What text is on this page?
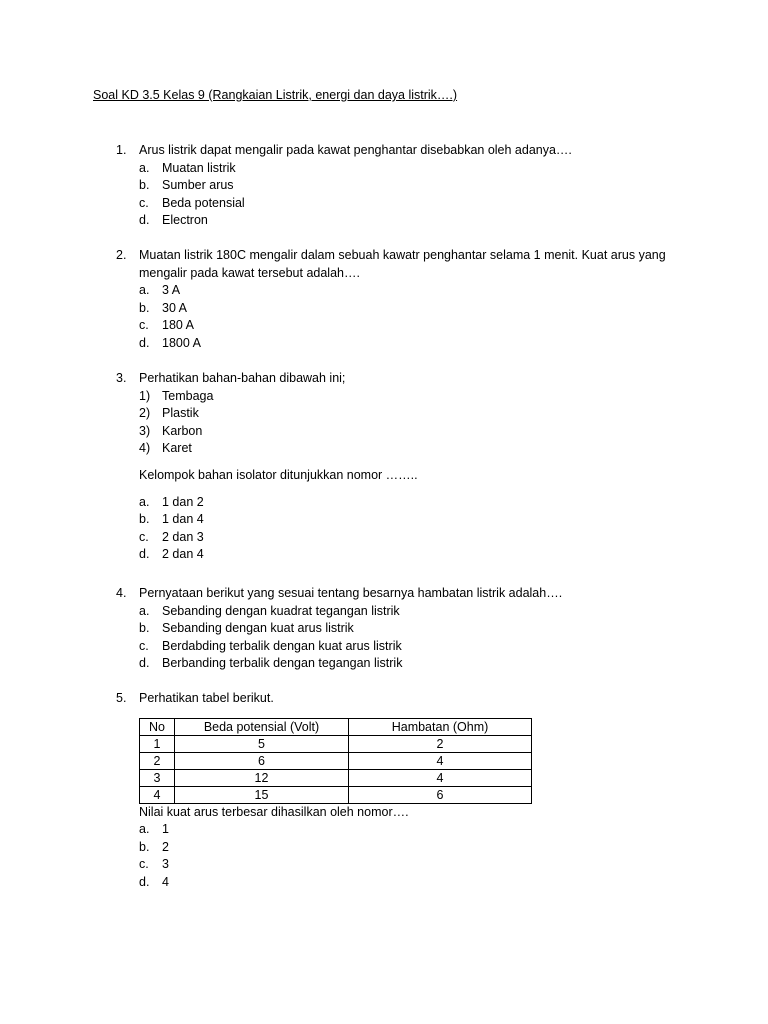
Soal KD 3.5 Kelas 9 (Rangkaian Listrik, energi dan daya listrik….)
1.	Arus listrik dapat mengalir pada kawat penghantar disebabkan oleh adanya….
a.	Muatan listrik
b.	Sumber arus
c.	Beda potensial
d.	Electron
2.	Muatan listrik 180C mengalir dalam sebuah kawatr penghantar selama 1 menit. Kuat arus yang mengalir pada kawat tersebut adalah….
a.	3 A
b.	30 A
c.	180 A
d.	1800 A
3.	Perhatikan bahan-bahan dibawah ini;
1) Tembaga
2) Plastik
3) Karbon
4) Karet
Kelompok bahan isolator ditunjukkan nomor ……..
a.	1 dan 2
b.	1 dan 4
c.	2 dan 3
d.	2 dan 4
4.	Pernyataan berikut yang sesuai tentang besarnya hambatan listrik adalah….
a.	Sebanding dengan kuadrat tegangan listrik
b.	Sebanding dengan kuat arus listrik
c.	Berdabding terbalik dengan kuat arus listrik
d.	Berbanding terbalik dengan tegangan listrik
5.	Perhatikan tabel berikut.
No	Beda potensial (Volt)	Hambatan (Ohm)
1	5	2
2	6	4
3	12	4
4	15	6
Nilai kuat arus terbesar dihasilkan oleh nomor….
a.	1
b.	2
c.	3
d.	4
